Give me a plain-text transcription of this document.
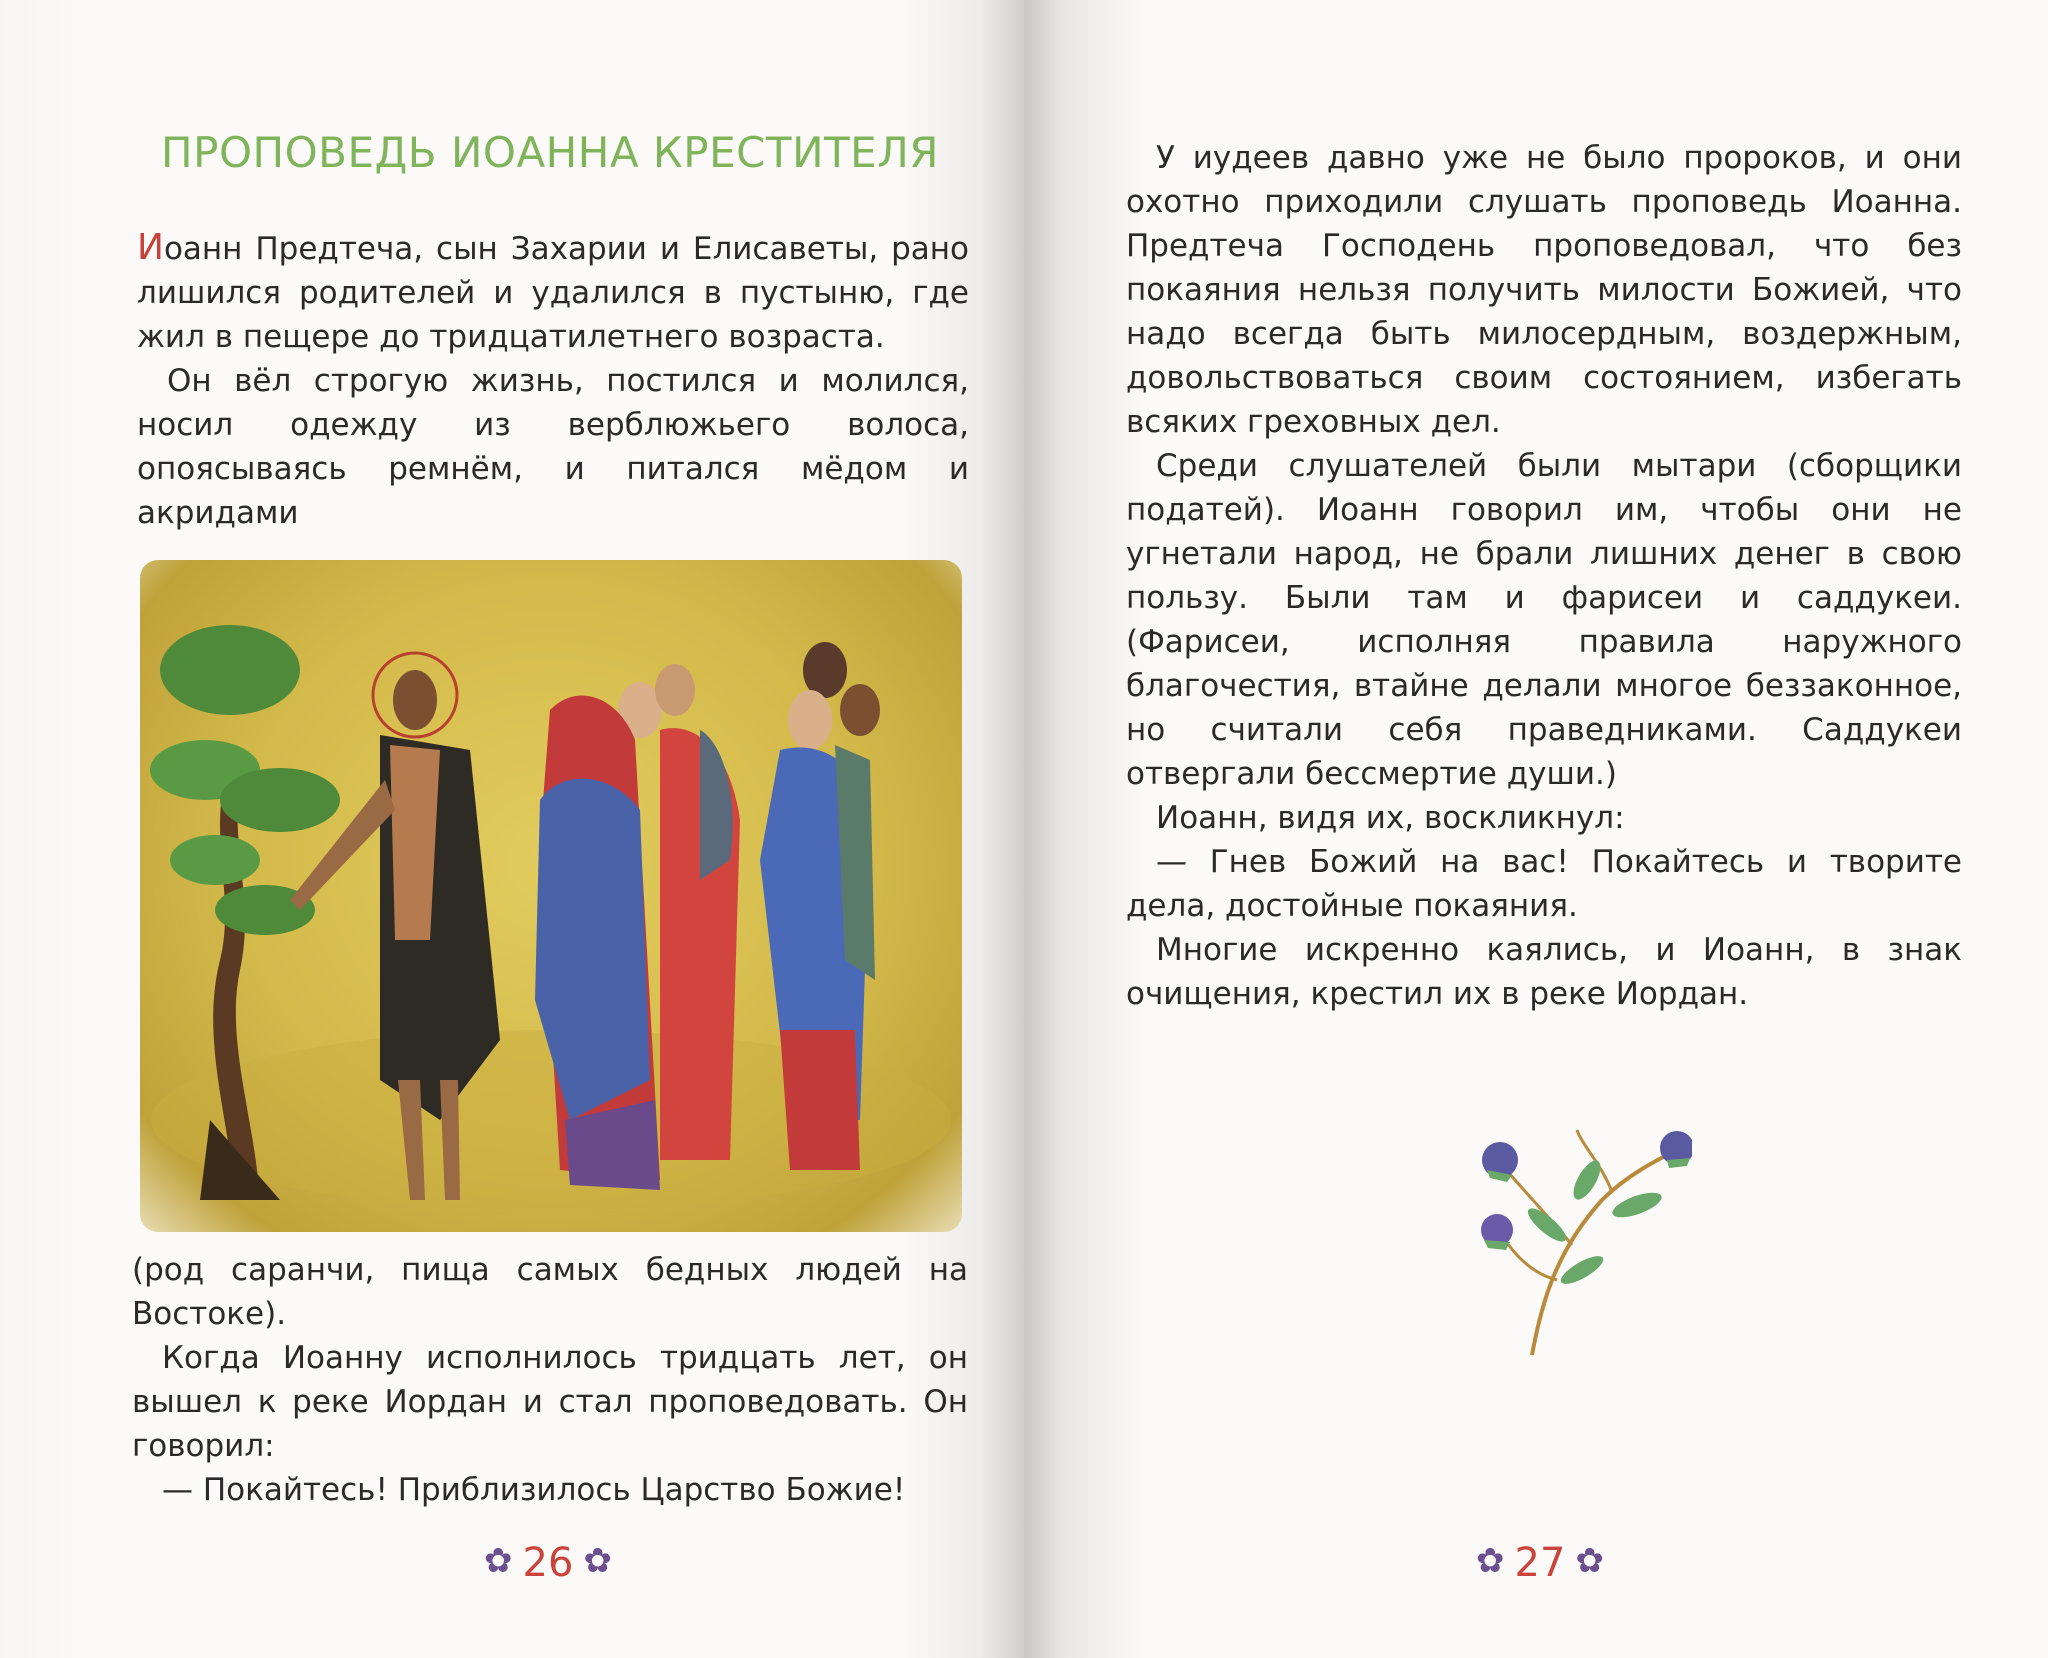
ПРОПОВЕДЬ ИОАННА КРЕСТИТЕЛЯ

Иоанн Предтеча, сын Захарии и Елисаветы, рано лишился родителей и удалился в пустыню, где жил в пещере до тридцатилетнего возраста.

Он вёл строгую жизнь, постился и молился, носил одежду из верблюжьего волоса, опоясываясь ремнём, и питался мёдом и акридами

(род саранчи, пища самых бедных людей на Востоке).

Когда Иоанну исполнилось тридцать лет, он вышел к реке Иордан и стал проповедовать. Он говорил:

— Покайтесь! Приблизилось Царство Божие!

✿ 26 ✿

У иудеев давно уже не было пророков, и они охотно приходили слушать проповедь Иоанна. Предтеча Господень проповедовал, что без покаяния нельзя получить милости Божией, что надо всегда быть милосердным, воздержным, довольствоваться своим состоянием, избегать всяких греховных дел.

Среди слушателей были мытари (сборщики податей). Иоанн говорил им, чтобы они не угнетали народ, не брали лишних денег в свою пользу. Были там и фарисеи и саддукеи. (Фарисеи, исполняя правила наружного благочестия, втайне делали многое беззаконное, но считали себя праведниками. Саддукеи отвергали бессмертие души.)

Иоанн, видя их, воскликнул:

— Гнев Божий на вас! Покайтесь и творите дела, достойные покаяния.

Многие искренно каялись, и Иоанн, в знак очищения, крестил их в реке Иордан.

✿ 27 ✿
